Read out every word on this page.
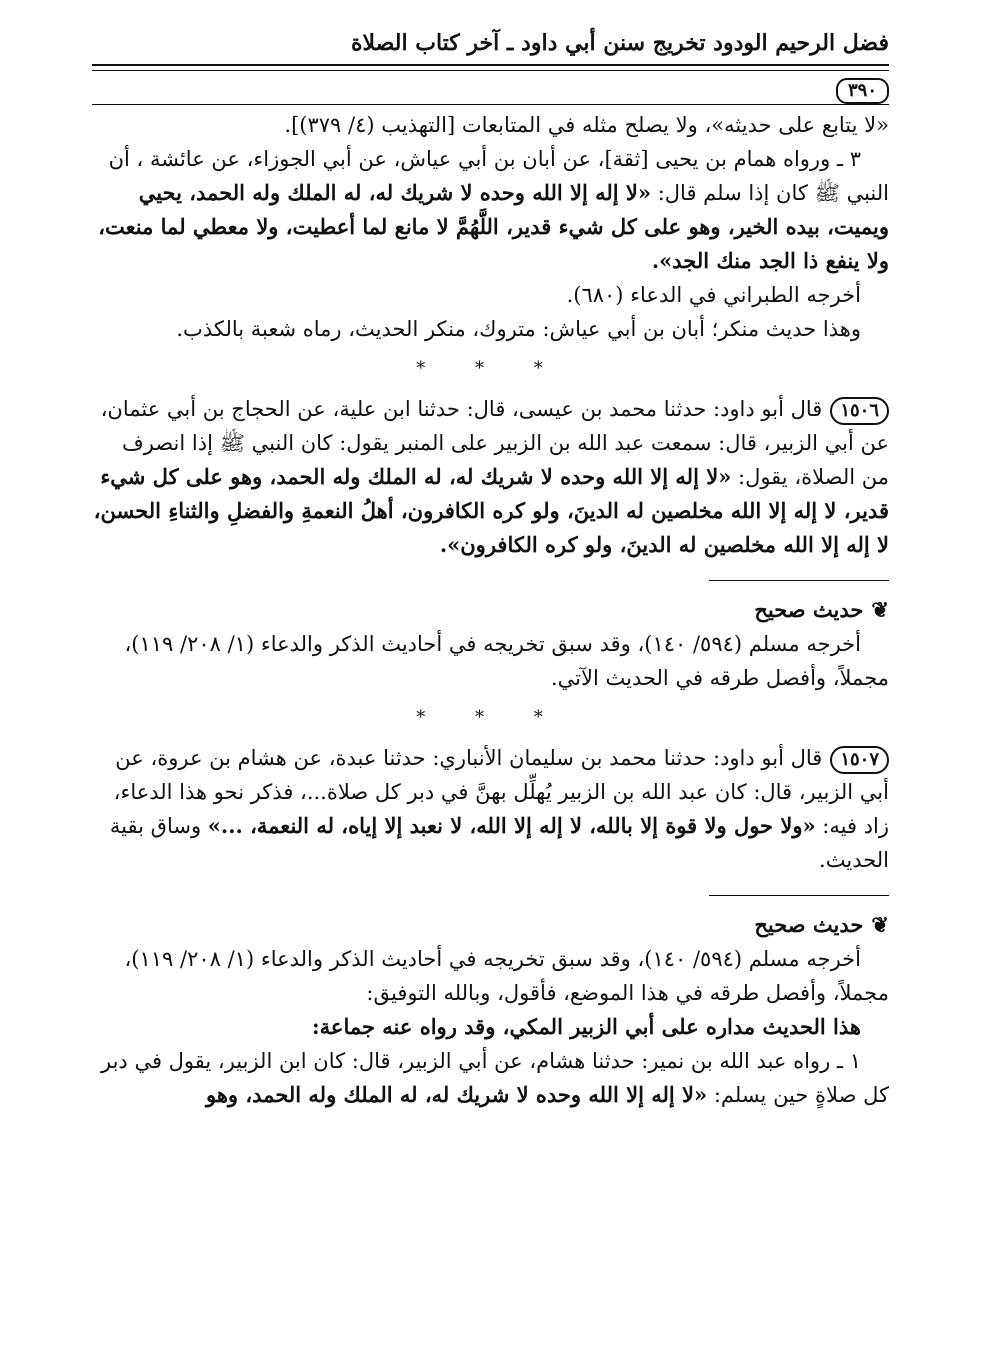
فضل الرحيم الودود تخريج سنن أبي داود ـ آخر كتاب الصلاة
٣٩٠

«لا يتابع على حديثه»، ولا يصلح مثله في المتابعات [التهذيب (٤/ ٣٧٩)].

٣ ـ ورواه همام بن يحيى [ثقة]، عن أبان بن أبي عياش، عن أبي الجوزاء، عن عائشة ، أن النبي ﷺ كان إذا سلم قال: «لا إله إلا الله وحده لا شريك له، له الملك وله الحمد، يحيي ويميت، بيده الخير، وهو على كل شيء قدير، اللَّهُمَّ لا مانع لما أعطيت، ولا معطي لما منعت، ولا ينفع ذا الجد منك الجد».

أخرجه الطبراني في الدعاء (٦٨٠).

وهذا حديث منكر؛ أبان بن أبي عياش: متروك، منكر الحديث، رماه شعبة بالكذب.

* * *

١٥٠٦قال أبو داود: حدثنا محمد بن عيسى، قال: حدثنا ابن علية، عن الحجاج بن أبي عثمان، عن أبي الزبير، قال: سمعت عبد الله بن الزبير على المنبر يقول: كان النبي ﷺ إذا انصرف من الصلاة، يقول: «لا إله إلا الله وحده لا شريك له، له الملك وله الحمد، وهو على كل شيء قدير، لا إله إلا الله مخلصين له الدينَ، ولو كره الكافرون، أهلُ النعمةِ والفضلِ والثناءِ الحسن، لا إله إلا الله مخلصين له الدينَ، ولو كره الكافرون».

❦حديث صحيح

أخرجه مسلم (٥٩٤/ ١٤٠)، وقد سبق تخريجه في أحاديث الذكر والدعاء (١/ ٢٠٨/ ١١٩)، مجملاً، وأفصل طرقه في الحديث الآتي.

* * *

١٥٠٧قال أبو داود: حدثنا محمد بن سليمان الأنباري: حدثنا عبدة، عن هشام بن عروة، عن أبي الزبير، قال: كان عبد الله بن الزبير يُهلِّل بهنَّ في دبر كل صلاة...، فذكر نحو هذا الدعاء، زاد فيه: «ولا حول ولا قوة إلا بالله، لا إله إلا الله، لا نعبد إلا إياه، له النعمة، ...» وساق بقية الحديث.

❦حديث صحيح

أخرجه مسلم (٥٩٤/ ١٤٠)، وقد سبق تخريجه في أحاديث الذكر والدعاء (١/ ٢٠٨/ ١١٩)، مجملاً، وأفصل طرقه في هذا الموضع، فأقول، وبالله التوفيق:

هذا الحديث مداره على أبي الزبير المكي، وقد رواه عنه جماعة:

١ ـ رواه عبد الله بن نمير: حدثنا هشام، عن أبي الزبير، قال: كان ابن الزبير، يقول في دبر كل صلاةٍ حين يسلم: «لا إله إلا الله وحده لا شريك له، له الملك وله الحمد، وهو
